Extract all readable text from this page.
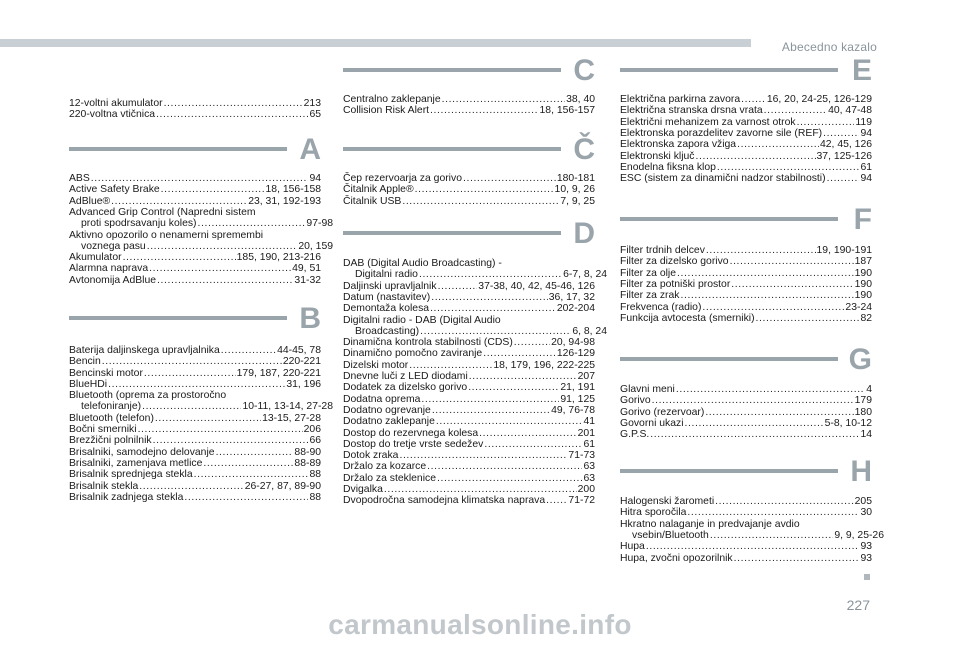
Abecedno kazalo
12-voltni akumulator .....	213
220-voltna vtičnica .....	65
A
ABS .....	94
Active Safety Brake .....	18, 156-158
AdBlue® .....	23, 31, 192-193
Advanced Grip Control (Napredni sistem
proti spodrsavanju koles) .....	97-98
Aktivno opozorilo o nenamerni spremembi
voznega pasu .....	20, 159
Akumulator .....	185, 190, 213-216
Alarmna naprava .....	49, 51
Avtonomija AdBlue .....	31-32
B
Baterija daljinskega upravljalnika .....	44-45, 78
Bencin .....	220-221
Bencinski motor .....	179, 187, 220-221
BlueHDi .....	31, 196
Bluetooth (oprema za prostoročno
telefoniranje) .....	10-11, 13-14, 27-28
Bluetooth (telefon) .....	13-15, 27-28
Bočni smerniki .....	206
Brezžični polnilnik .....	66
Brisalniki, samodejno delovanje .....	88-90
Brisalniki, zamenjava metlice .....	88-89
Brisalnik sprednjega stekla .....	88
Brisalnik stekla .....	26-27, 87, 89-90
Brisalnik zadnjega stekla .....	88
C
Centralno zaklepanje .....	38, 40
Collision Risk Alert .....	18, 156-157
Č
Čep rezervoarja za gorivo .....	180-181
Čitalnik Apple® .....	10, 9, 26
Čitalnik USB .....	7, 9, 25
D
DAB (Digital Audio Broadcasting) -
Digitalni radio .....	6-7, 8, 24
Daljinski upravljalnik .....	37-38, 40, 42, 45-46, 126
Datum (nastavitev) .....	36, 17, 32
Demontaža kolesa .....	202-204
Digitalni radio - DAB (Digital Audio
Broadcasting) .....	6, 8, 24
Dinamična kontrola stabilnosti (CDS) .....	20, 94-98
Dinamično pomočno zaviranje .....	126-129
Dizelski motor .....	18, 179, 196, 222-225
Dnevne luči z LED diodami .....	207
Dodatek za dizelsko gorivo .....	21, 191
Dodatna oprema .....	91, 125
Dodatno ogrevanje .....	49, 76-78
Dodatno zaklepanje .....	41
Dostop do rezervnega kolesa .....	201
Dostop do tretje vrste sedežev .....	61
Dotok zraka .....	71-73
Držalo za kozarce .....	63
Držalo za steklenice .....	63
Dvigalka .....	200
Dvopodročna samodejna klimatska naprava ..... 71-72
E
Električna parkirna zavora .....	16, 20, 24-25, 126-129
Električna stranska drsna vrata .....	40, 47-48
Električni mehanizem za varnost otrok .....	119
Elektronska porazdelitev zavorne sile (REF) .....	94
Elektronska zapora vžiga .....	42, 45, 126
Elektronski ključ .....	37, 125-126
Enodelna fiksna klop .....	61
ESC (sistem za dinamični nadzor stabilnosti) .....	94
F
Filter trdnih delcev .....	19, 190-191
Filter za dizelsko gorivo .....	187
Filter za olje .....	190
Filter za potniški prostor .....	190
Filter za zrak .....	190
Frekvenca (radio) .....	23-24
Funkcija avtocesta (smerniki) .....	82
G
Glavni meni .....	4
Gorivo .....	179
Gorivo (rezervoar) .....	180
Govorni ukazi .....	5-8, 10-12
G.P.S. .....	14
H
Halogenski žarometi .....	205
Hitra sporočila .....	30
Hkratno nalaganje in predvajanje avdio
vsebin/Bluetooth .....	9, 9, 25-26
Hupa .....	93
Hupa, zvočni opozorilnik .....	93
227
carmanualsonline.info
